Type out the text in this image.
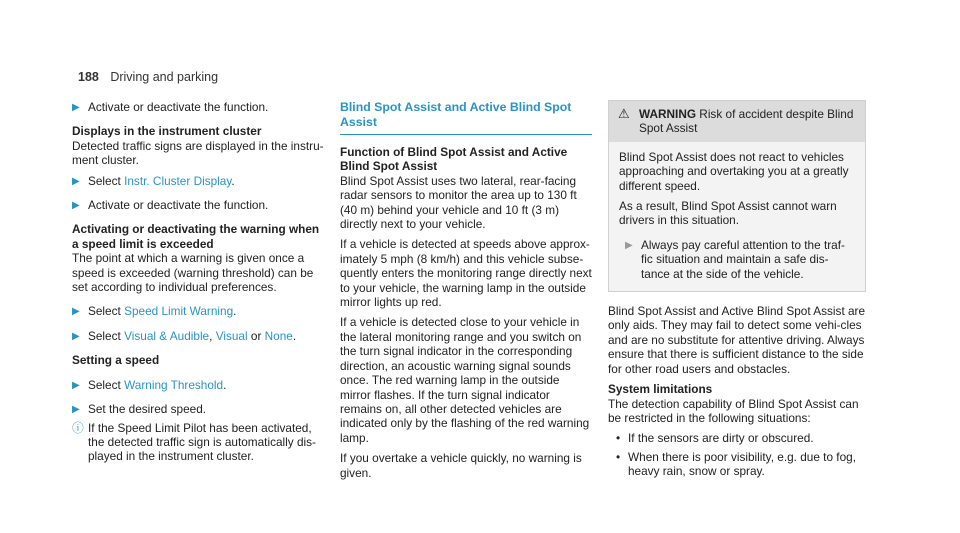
188 Driving and parking
▶ Activate or deactivate the function.
Displays in the instrument cluster

Detected traffic signs are displayed in the instru-ment cluster.

▶ Select Instr. Cluster Display.
▶ Activate or deactivate the function.
Activating or deactivating the warning when a speed limit is exceeded

The point at which a warning is given once a speed is exceeded (warning threshold) can be set according to individual preferences.

▶ Select Speed Limit Warning.
▶ Select Visual & Audible, Visual or None.
Setting a speed
▶ Select Warning Threshold.
▶ Set the desired speed.
ⓘ If the Speed Limit Pilot has been activated, the detected traffic sign is automatically dis-played in the instrument cluster.
Blind Spot Assist and Active Blind Spot Assist
Function of Blind Spot Assist and Active Blind Spot Assist

Blind Spot Assist uses two lateral, rear-facing radar sensors to monitor the area up to 130 ft (40 m) behind your vehicle and 10 ft (3 m) directly next to your vehicle.

If a vehicle is detected at speeds above approx-imately 5 mph (8 km/h) and this vehicle subse-quently enters the monitoring range directly next to your vehicle, the warning lamp in the outside mirror lights up red.

If a vehicle is detected close to your vehicle in the lateral monitoring range and you switch on the turn signal indicator in the corresponding direction, an acoustic warning signal sounds once. The red warning lamp in the outside mirror flashes. If the turn signal indicator remains on, all other detected vehicles are indicated only by the flashing of the red warning lamp.

If you overtake a vehicle quickly, no warning is given.

⚠ WARNING Risk of accident despite Blind Spot Assist

Blind Spot Assist does not react to vehicles approaching and overtaking you at a greatly different speed.

As a result, Blind Spot Assist cannot warn drivers in this situation.

▶ Always pay careful attention to the traf-fic situation and maintain a safe dis-tance at the side of the vehicle.

Blind Spot Assist and Active Blind Spot Assist are only aids. They may fail to detect some vehi-cles and are no substitute for attentive driving. Always ensure that there is sufficient distance to the side for other road users and obstacles.

System limitations

The detection capability of Blind Spot Assist can be restricted in the following situations:

• If the sensors are dirty or obscured.
• When there is poor visibility, e.g. due to fog, heavy rain, snow or spray.
